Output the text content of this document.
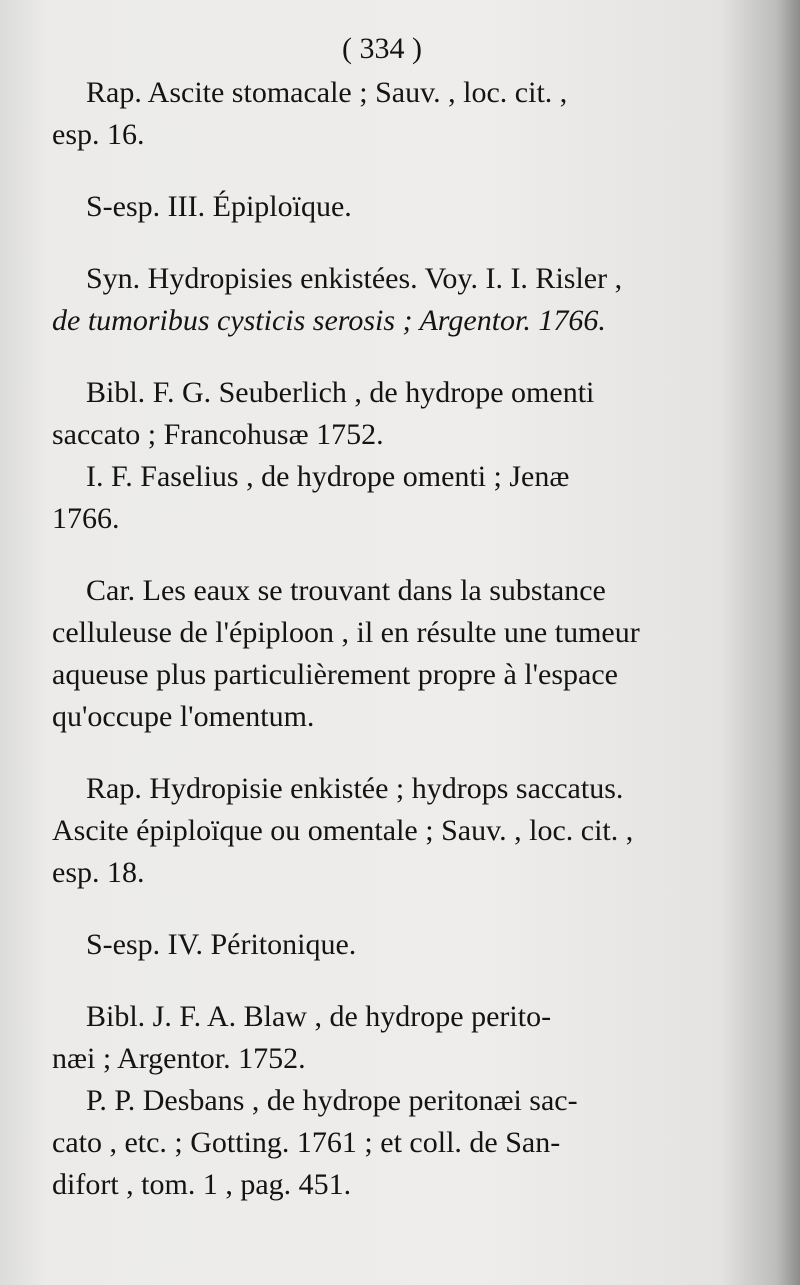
( 334 )

Rap. Ascite stomacale ; Sauv. , loc. cit. ,

esp. 16.

S-esp. III. Épiploïque.

Syn. Hydropisies enkistées. Voy. I. I. Risler ,

de tumoribus cysticis serosis ; Argentor. 1766.

Bibl. F. G. Seuberlich , de hydrope omenti

saccato ; Francohusæ 1752.

I. F. Faselius , de hydrope omenti ; Jenæ

1766.

Car. Les eaux se trouvant dans la substance

celluleuse de l'épiploon , il en résulte une tumeur

aqueuse plus particulièrement propre à l'espace

qu'occupe l'omentum.

Rap. Hydropisie enkistée ; hydrops saccatus.

Ascite épiploïque ou omentale ; Sauv. , loc. cit. ,

esp. 18.

S-esp. IV. Péritonique.

Bibl. J. F. A. Blaw , de hydrope perito-

næi ; Argentor. 1752.

P. P. Desbans , de hydrope peritonæi sac-

cato , etc. ; Gotting. 1761 ; et coll. de San-

difort , tom. 1 , pag. 451.
